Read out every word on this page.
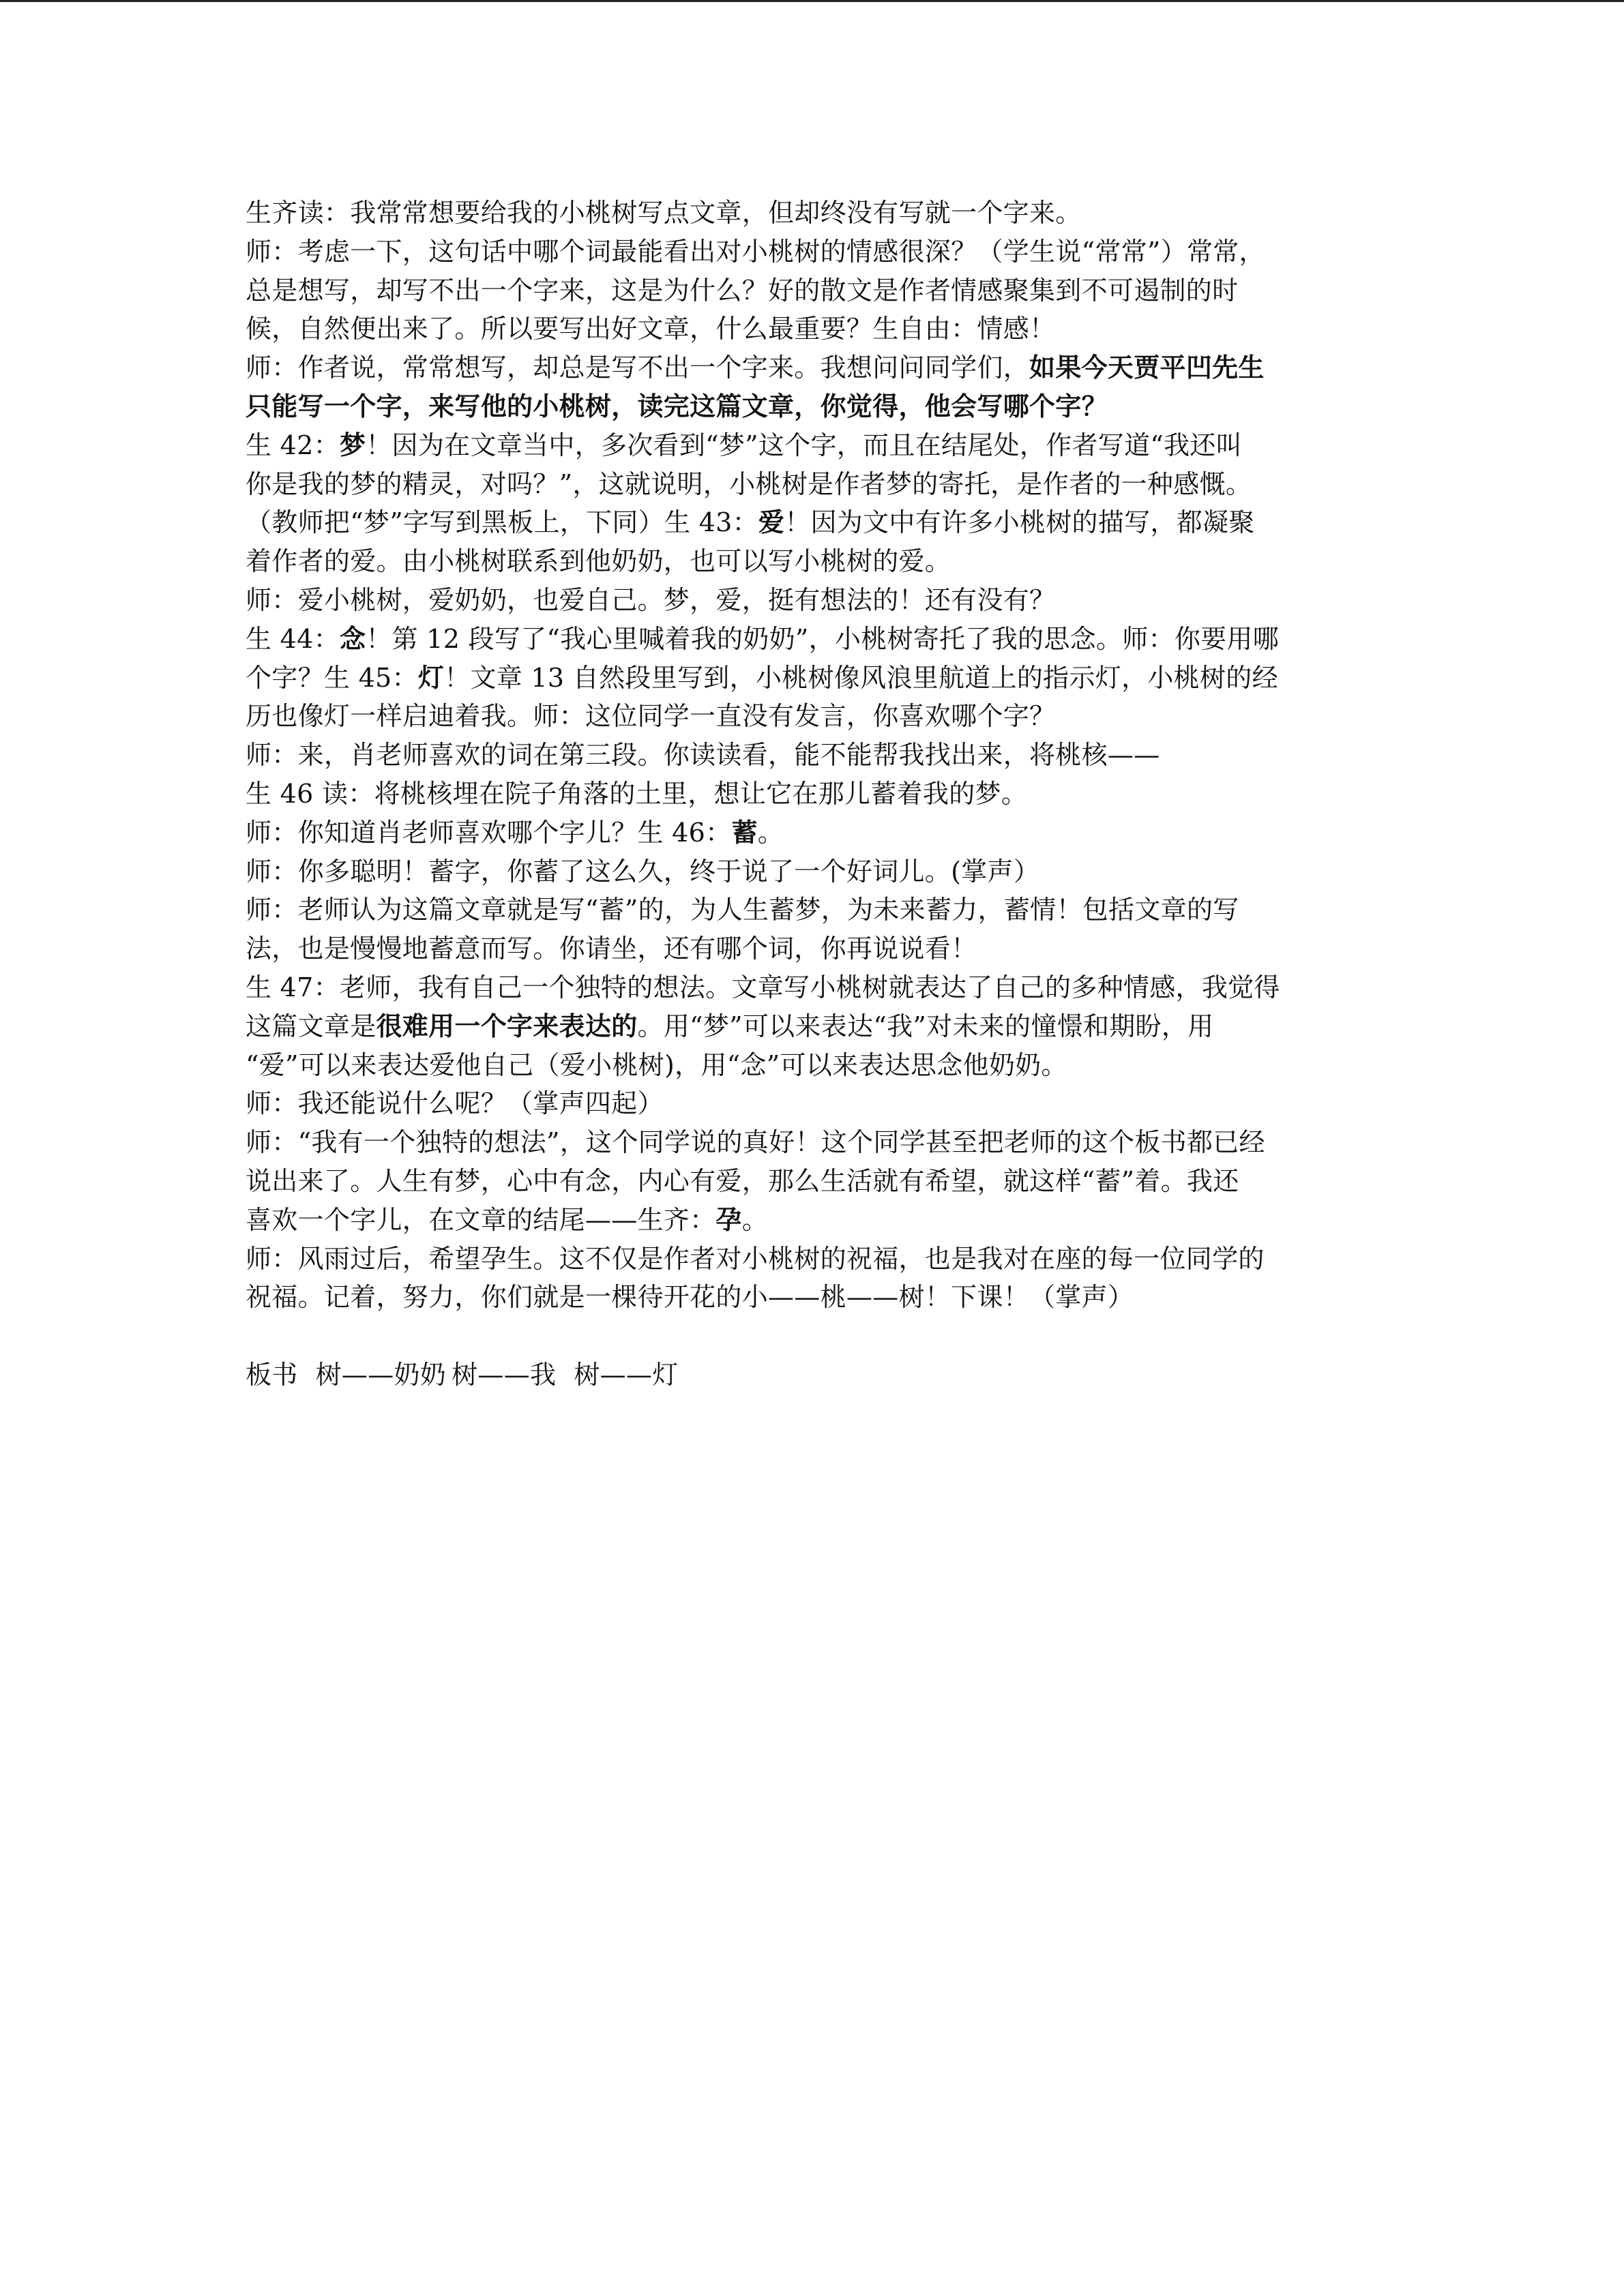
生齐读：我常常想要给我的小桃树写点文章，但却终没有写就一个字来。
师：考虑一下，这句话中哪个词最能看出对小桃树的情感很深？（学生说“常常”）常常，
总是想写，却写不出一个字来，这是为什么？好的散文是作者情感聚集到不可遏制的时
候，自然便出来了。所以要写出好文章，什么最重要？生自由：情感！
师：作者说，常常想写，却总是写不出一个字来。我想问问同学们，如果今天贾平凹先生
只能写一个字，来写他的小桃树，读完这篇文章，你觉得，他会写哪个字？
生 42：梦！因为在文章当中，多次看到“梦”这个字，而且在结尾处，作者写道“我还叫
你是我的梦的精灵，对吗？”，这就说明，小桃树是作者梦的寄托，是作者的一种感慨。
（教师把“梦”字写到黑板上，下同）生 43：爱！因为文中有许多小桃树的描写，都凝聚
着作者的爱。由小桃树联系到他奶奶，也可以写小桃树的爱。
师：爱小桃树，爱奶奶，也爱自己。梦，爱，挺有想法的！还有没有？
生 44：念！第 12 段写了“我心里喊着我的奶奶”，小桃树寄托了我的思念。师：你要用哪
个字？生 45：灯！文章 13 自然段里写到，小桃树像风浪里航道上的指示灯，小桃树的经
历也像灯一样启迪着我。师：这位同学一直没有发言，你喜欢哪个字？
师：来，肖老师喜欢的词在第三段。你读读看，能不能帮我找出来，将桃核——
生 46 读：将桃核埋在院子角落的土里，想让它在那儿蓄着我的梦。
师：你知道肖老师喜欢哪个字儿？生 46：蓄。
师：你多聪明！蓄字，你蓄了这么久，终于说了一个好词儿。(掌声）
师：老师认为这篇文章就是写“蓄”的，为人生蓄梦，为未来蓄力，蓄情！包括文章的写
法，也是慢慢地蓄意而写。你请坐，还有哪个词，你再说说看！
生 47：老师，我有自己一个独特的想法。文章写小桃树就表达了自己的多种情感，我觉得
这篇文章是很难用一个字来表达的。用“梦”可以来表达“我”对未来的憧憬和期盼，用
“爱”可以来表达爱他自己（爱小桃树)，用“念”可以来表达思念他奶奶。
师：我还能说什么呢？（掌声四起）
师：“我有一个独特的想法”，这个同学说的真好！这个同学甚至把老师的这个板书都已经
说出来了。人生有梦，心中有念，内心有爱，那么生活就有希望，就这样“蓄”着。我还
喜欢一个字儿，在文章的结尾——生齐：孕。
师：风雨过后，希望孕生。这不仅是作者对小桃树的祝福，也是我对在座的每一位同学的
祝福。记着，努力，你们就是一棵待开花的小——桃——树！下课！（掌声）
板书 树——奶奶 树——我 树——灯
